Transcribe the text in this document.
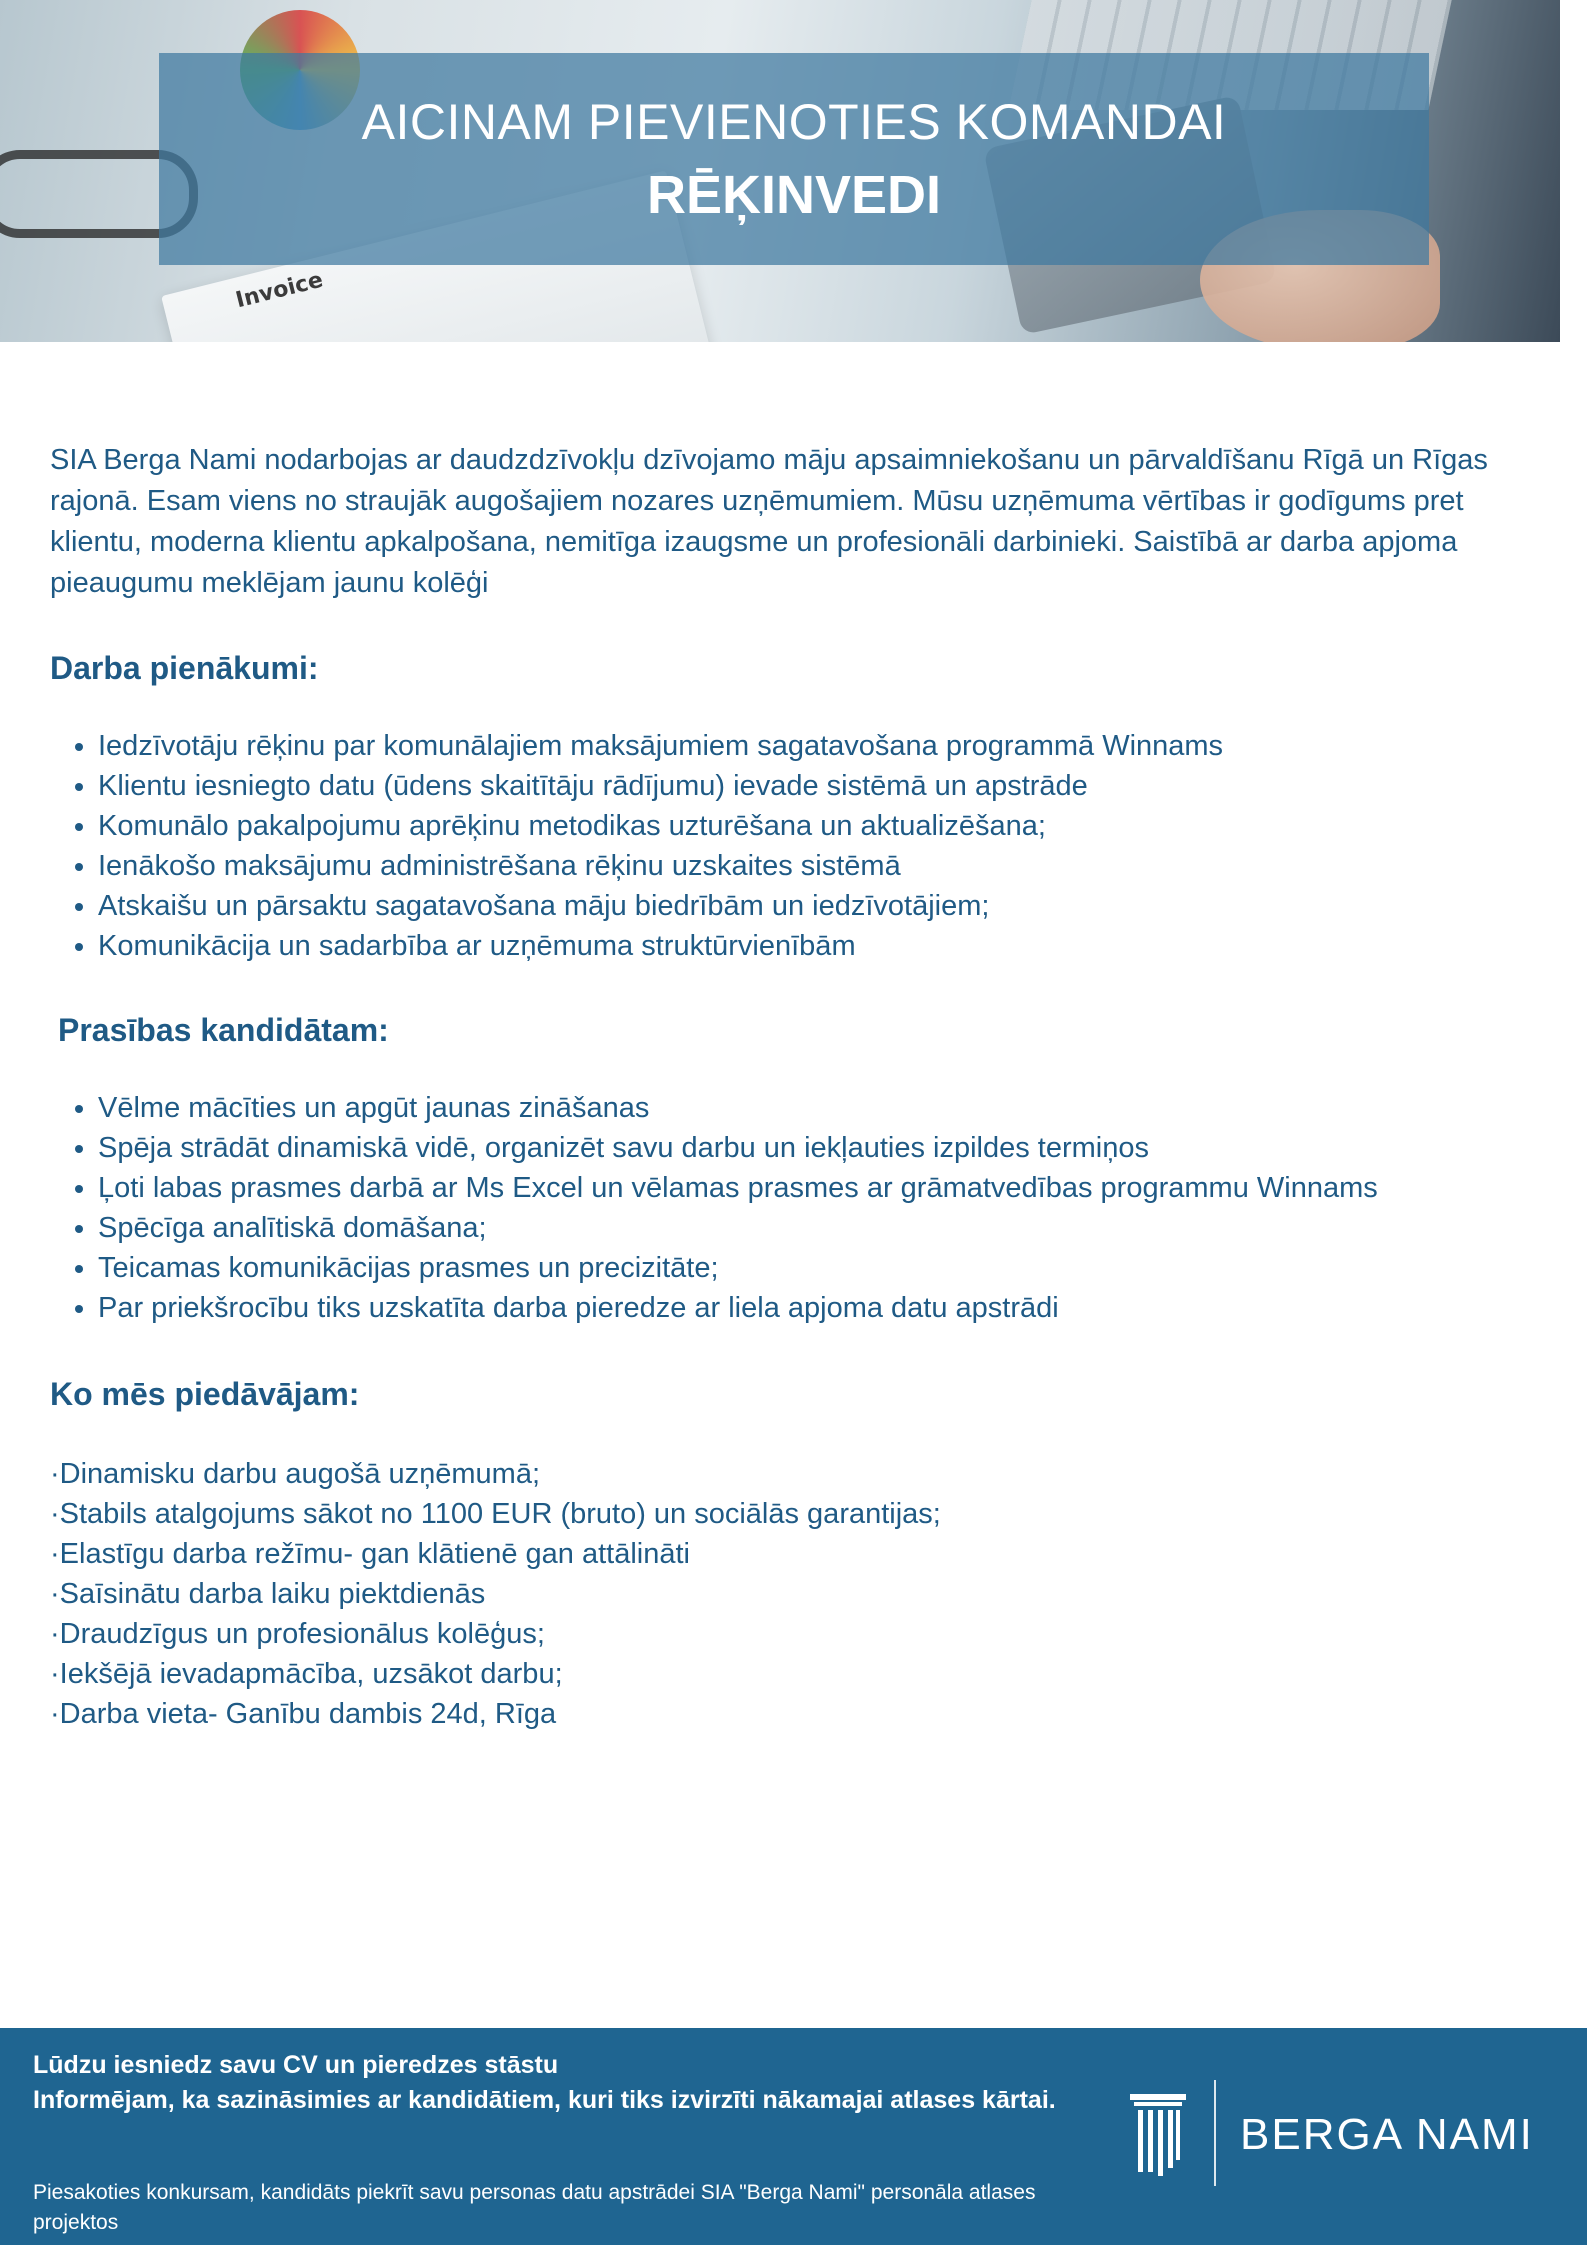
Invoice
AICINAM PIEVIENOTIES KOMANDAI
RĒĶINVEDI

SIA Berga Nami nodarbojas ar daudzdzīvokļu dzīvojamo māju apsaimniekošanu un pārvaldīšanu Rīgā un Rīgas rajonā. Esam viens no straujāk augošajiem nozares uzņēmumiem. Mūsu uzņēmuma vērtības ir godīgums pret klientu, moderna klientu apkalpošana, nemitīga izaugsme un profesionāli darbinieki. Saistībā ar darba apjoma pieaugumu meklējam jaunu kolēģi

Darba pienākumi:
• Iedzīvotāju rēķinu par komunālajiem maksājumiem sagatavošana programmā Winnams
• Klientu iesniegto datu (ūdens skaitītāju rādījumu) ievade sistēmā un apstrāde
• Komunālo pakalpojumu aprēķinu metodikas uzturēšana un aktualizēšana;
• Ienākošo maksājumu administrēšana rēķinu uzskaites sistēmā
• Atskaišu un pārsaktu sagatavošana māju biedrībām un iedzīvotājiem;
• Komunikācija un sadarbība ar uzņēmuma struktūrvienībām
Prasības kandidātam:
• Vēlme mācīties un apgūt jaunas zināšanas
• Spēja strādāt dinamiskā vidē, organizēt savu darbu un iekļauties izpildes termiņos
• Ļoti labas prasmes darbā ar Ms Excel un vēlamas prasmes ar grāmatvedības programmu Winnams
• Spēcīga analītiskā domāšana;
• Teicamas komunikācijas prasmes un precizitāte;
• Par priekšrocību tiks uzskatīta darba pieredze ar liela apjoma datu apstrādi
Ko mēs piedāvājam:
·Dinamisku darbu augošā uzņēmumā;
·Stabils atalgojums sākot no 1100 EUR (bruto) un sociālās garantijas;
·Elastīgu darba režīmu- gan klātienē gan attālināti
·Saīsinātu darba laiku piektdienās
·Draudzīgus un profesionālus kolēģus;
·Iekšējā ievadapmācība, uzsākot darbu;
·Darba vieta- Ganību dambis 24d, Rīga
Lūdzu iesniedz savu CV un pieredzes stāstu
Informējam, ka sazināsimies ar kandidātiem, kuri tiks izvirzīti nākamajai atlases kārtai.
Piesakoties konkursam, kandidāts piekrīt savu personas datu apstrādei SIA "Berga Nami" personāla atlases projektos
BERGA NAMI
